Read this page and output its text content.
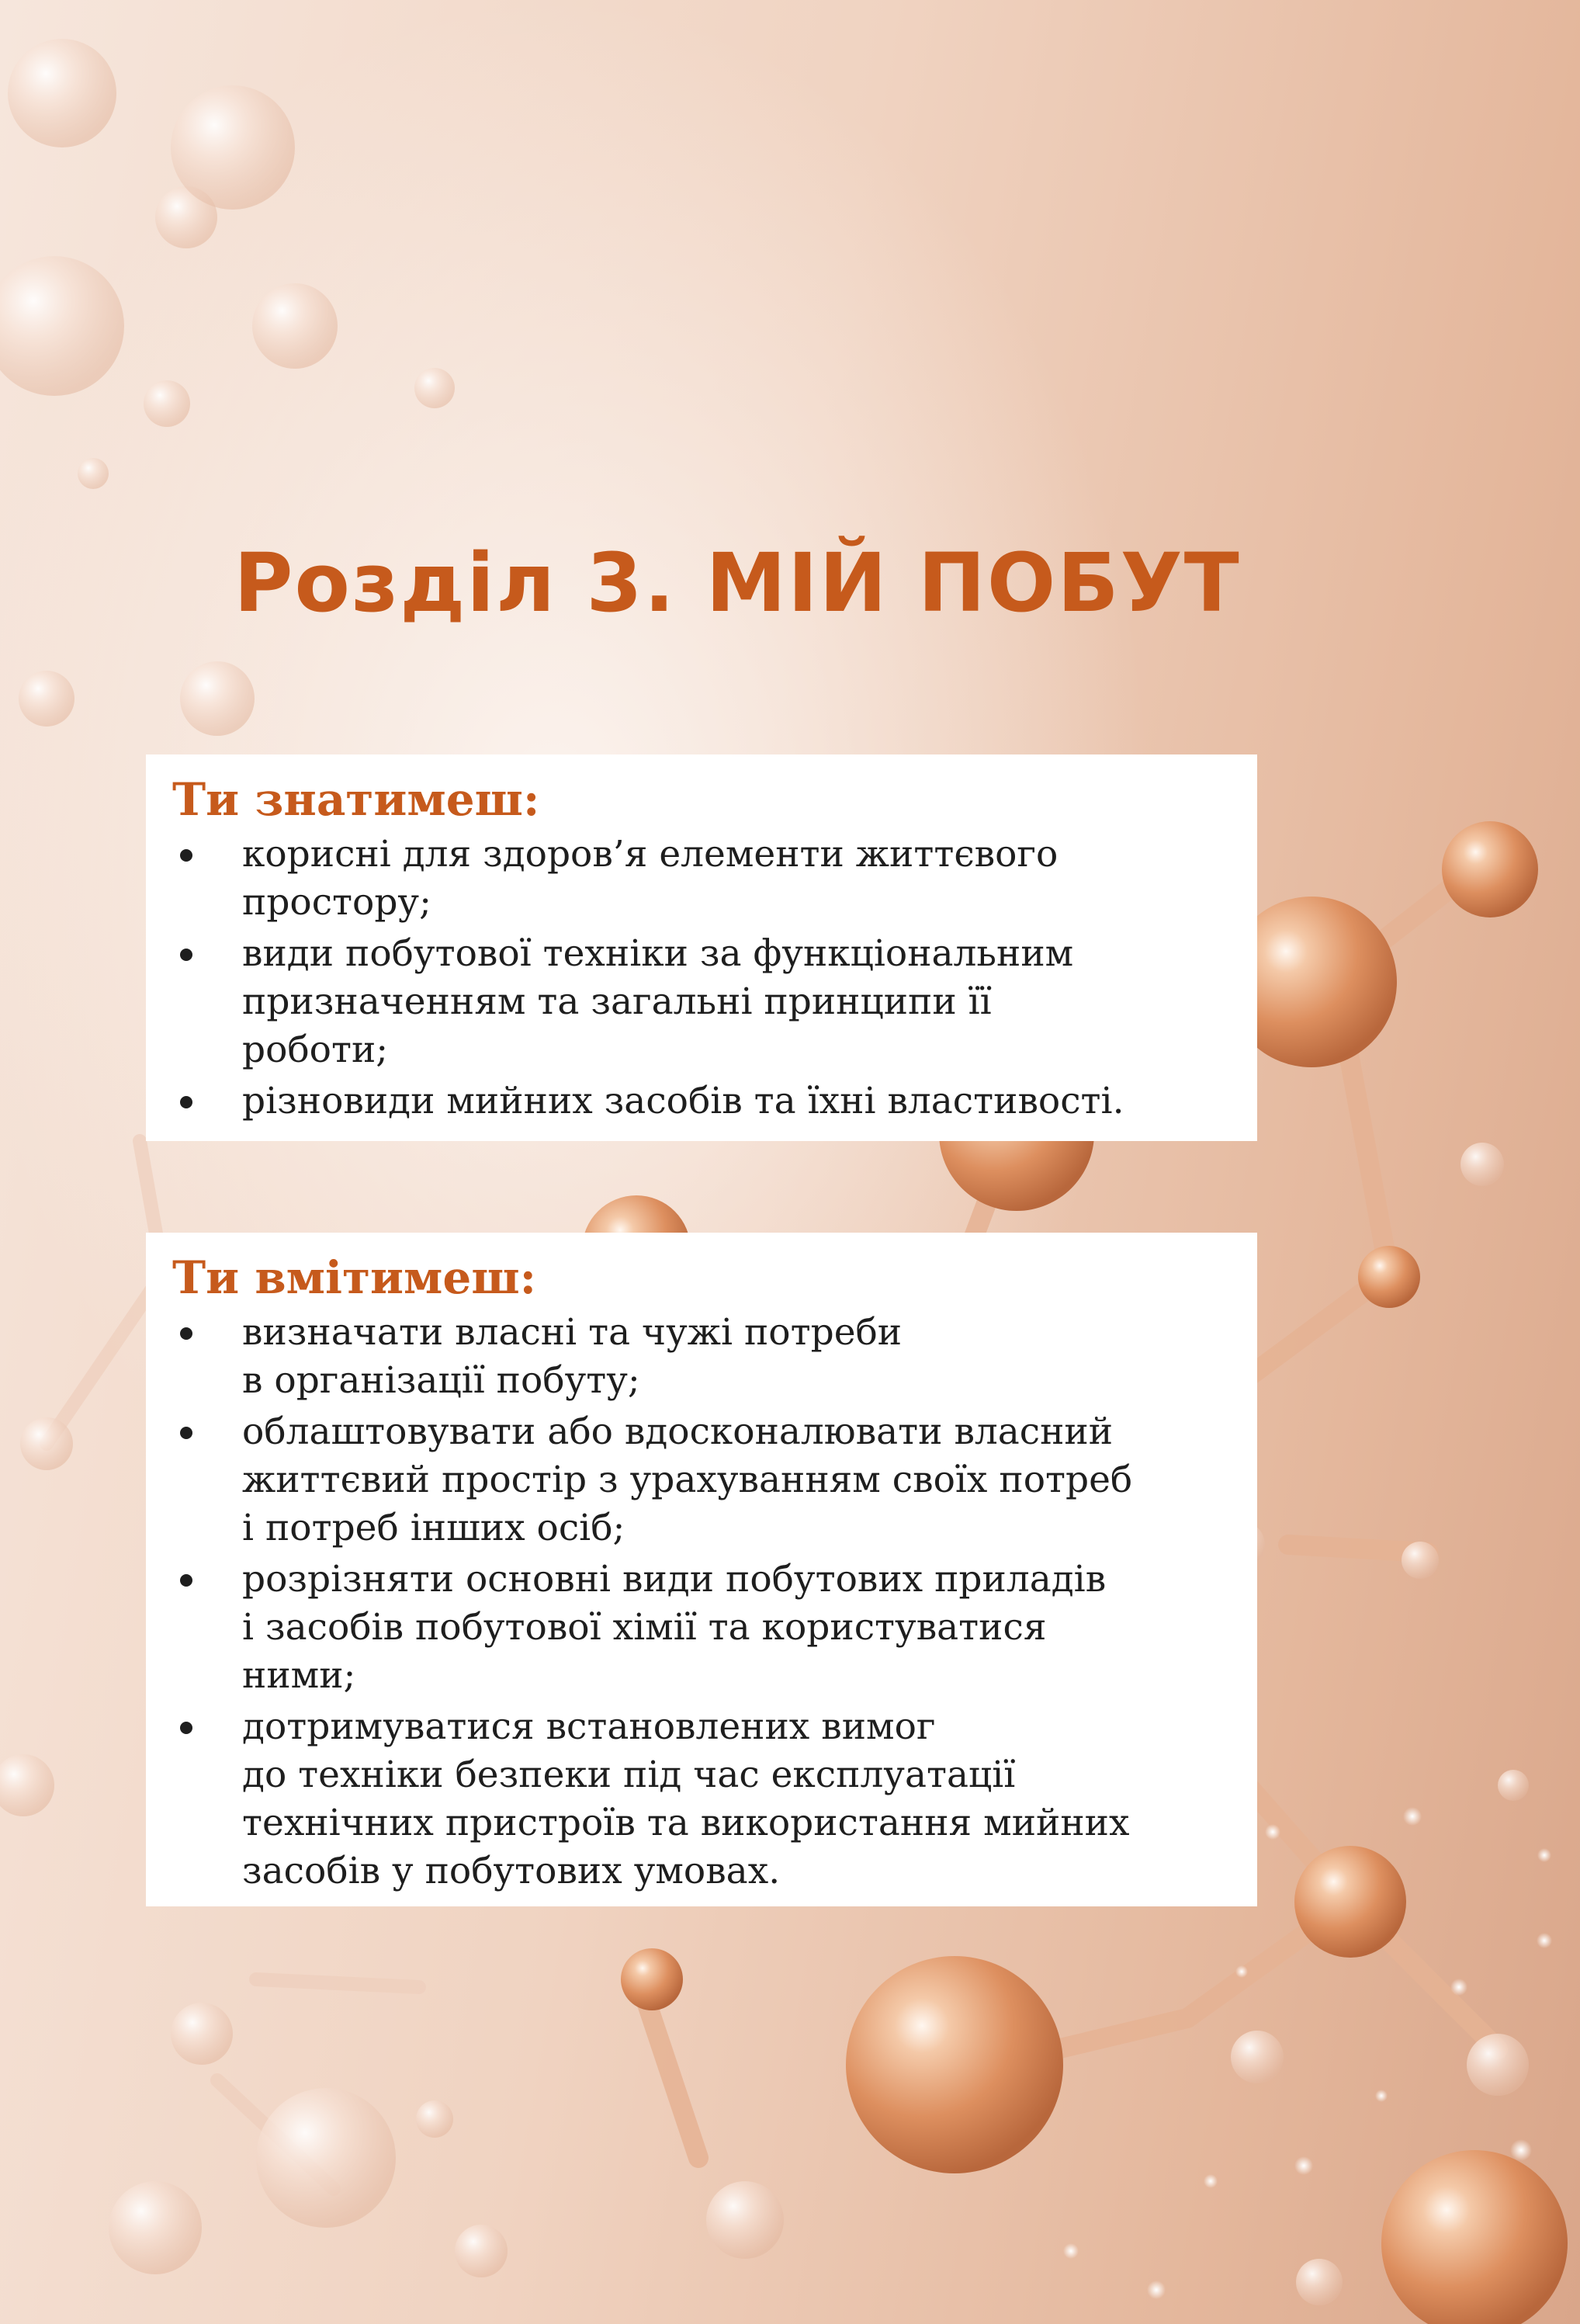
Розділ 3. МІЙ ПОБУТ
Ти знатимеш:
корисні для здоров’я елементи життєвого
простору;
види побутової техніки за функціональним
призначенням та загальні принципи її
роботи;
різновиди мийних засобів та їхні властивості.
Ти вмітимеш:
визначати власні та чужі потреби
в організації побуту;
облаштовувати або вдосконалювати власний
життєвий простір з урахуванням своїх потреб
і потреб інших осіб;
розрізняти основні види побутових приладів
і засобів побутової хімії та користуватися
ними;
дотримуватися встановлених вимог
до техніки безпеки під час експлуатації
технічних пристроїв та використання мийних
засобів у побутових умовах.
